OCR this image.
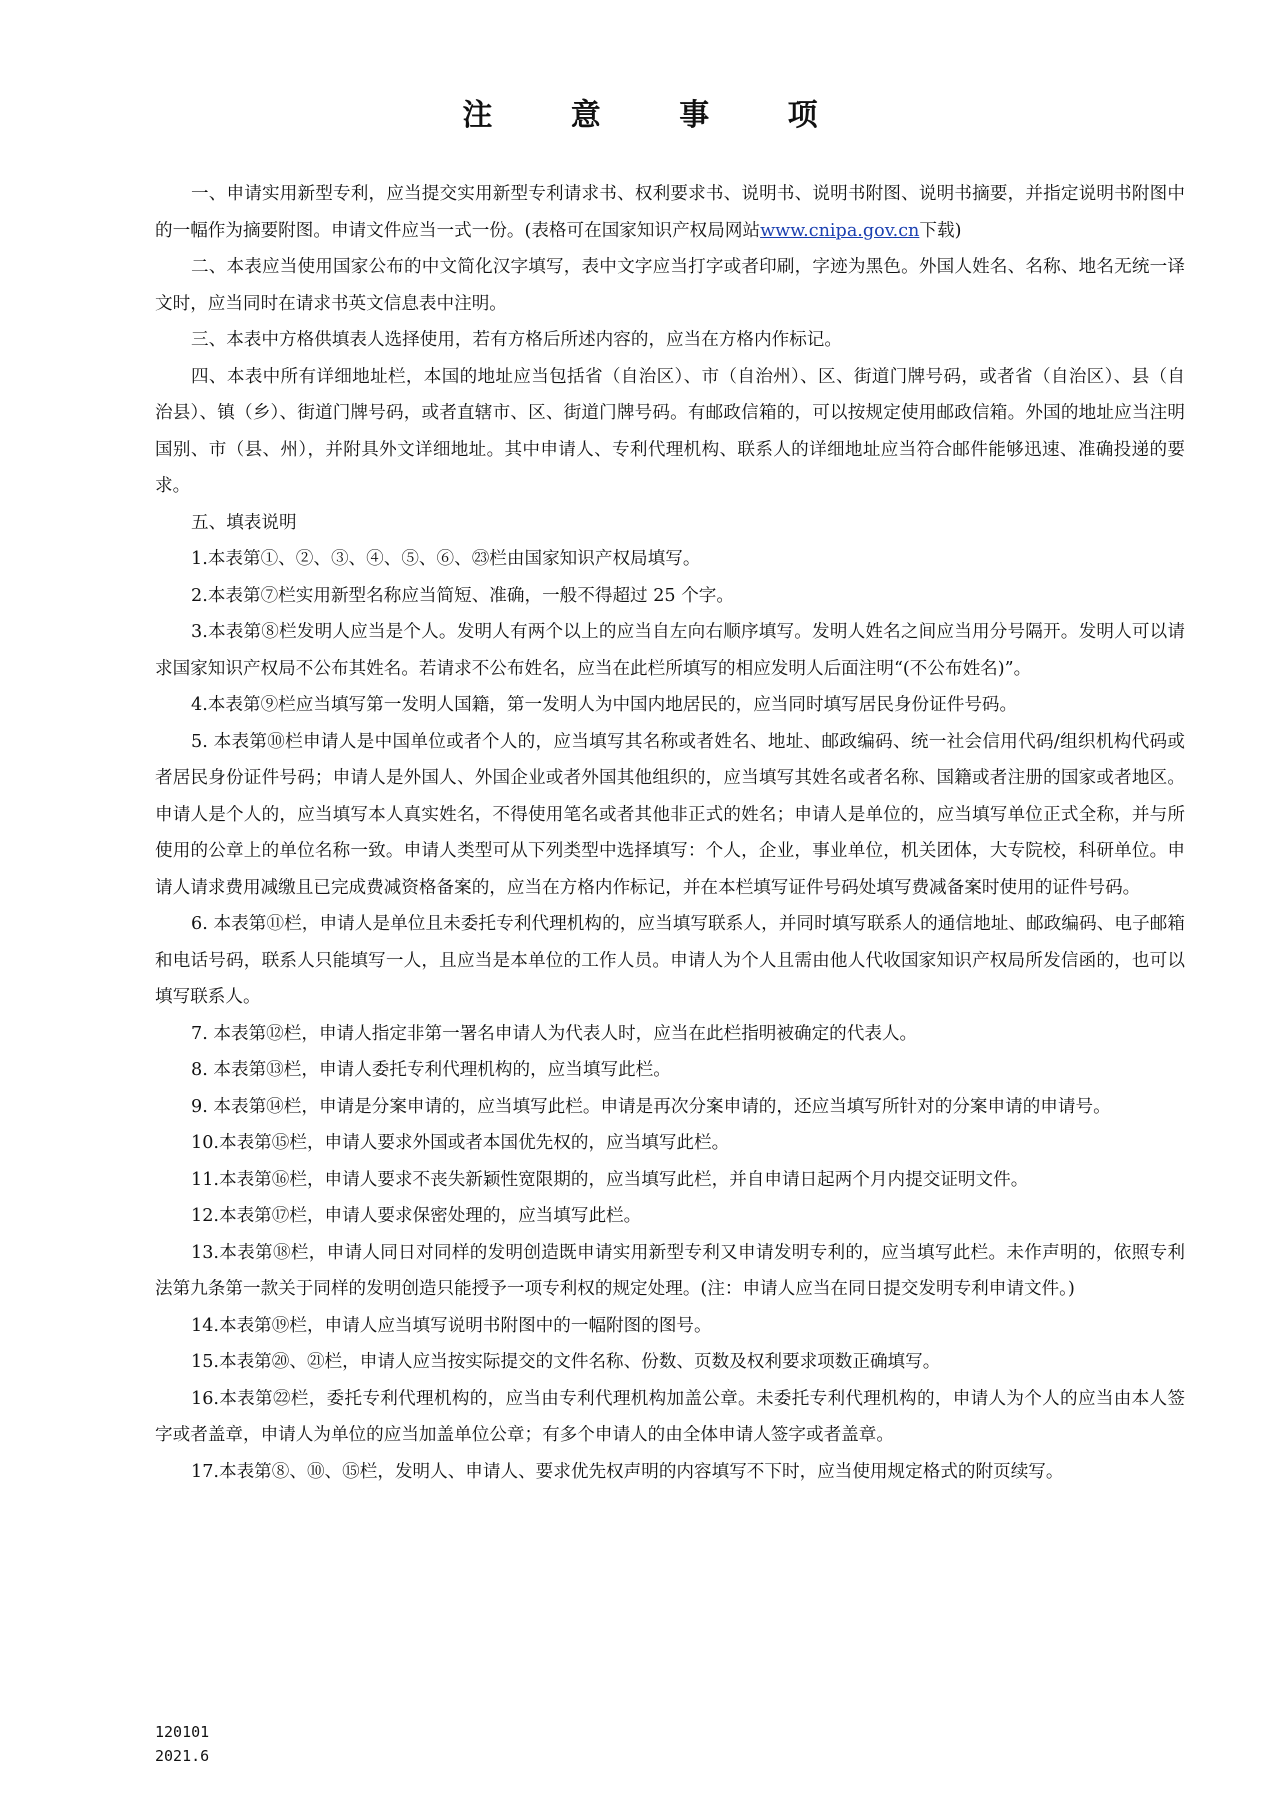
注 意 事 项

一、申请实用新型专利，应当提交实用新型专利请求书、权利要求书、说明书、说明书附图、说明书摘要，并指定说明书附图中的一幅作为摘要附图。申请文件应当一式一份。(表格可在国家知识产权局网站www.cnipa.gov.cn下载)

二、本表应当使用国家公布的中文简化汉字填写，表中文字应当打字或者印刷，字迹为黑色。外国人姓名、名称、地名无统一译文时，应当同时在请求书英文信息表中注明。

三、本表中方格供填表人选择使用，若有方格后所述内容的，应当在方格内作标记。

四、本表中所有详细地址栏，本国的地址应当包括省（自治区）、市（自治州）、区、街道门牌号码，或者省（自治区）、县（自治县）、镇（乡）、街道门牌号码，或者直辖市、区、街道门牌号码。有邮政信箱的，可以按规定使用邮政信箱。外国的地址应当注明国别、市（县、州），并附具外文详细地址。其中申请人、专利代理机构、联系人的详细地址应当符合邮件能够迅速、准确投递的要求。

五、填表说明

1.本表第①、②、③、④、⑤、⑥、㉓栏由国家知识产权局填写。

2.本表第⑦栏实用新型名称应当简短、准确，一般不得超过 25 个字。

3.本表第⑧栏发明人应当是个人。发明人有两个以上的应当自左向右顺序填写。发明人姓名之间应当用分号隔开。发明人可以请求国家知识产权局不公布其姓名。若请求不公布姓名，应当在此栏所填写的相应发明人后面注明“(不公布姓名)”。

4.本表第⑨栏应当填写第一发明人国籍，第一发明人为中国内地居民的，应当同时填写居民身份证件号码。

5. 本表第⑩栏申请人是中国单位或者个人的，应当填写其名称或者姓名、地址、邮政编码、统一社会信用代码/组织机构代码或者居民身份证件号码；申请人是外国人、外国企业或者外国其他组织的，应当填写其姓名或者名称、国籍或者注册的国家或者地区。申请人是个人的，应当填写本人真实姓名，不得使用笔名或者其他非正式的姓名；申请人是单位的，应当填写单位正式全称，并与所使用的公章上的单位名称一致。申请人类型可从下列类型中选择填写：个人，企业，事业单位，机关团体，大专院校，科研单位。申请人请求费用减缴且已完成费减资格备案的，应当在方格内作标记，并在本栏填写证件号码处填写费减备案时使用的证件号码。

6. 本表第⑪栏，申请人是单位且未委托专利代理机构的，应当填写联系人，并同时填写联系人的通信地址、邮政编码、电子邮箱和电话号码，联系人只能填写一人，且应当是本单位的工作人员。申请人为个人且需由他人代收国家知识产权局所发信函的，也可以填写联系人。

7. 本表第⑫栏，申请人指定非第一署名申请人为代表人时，应当在此栏指明被确定的代表人。

8. 本表第⑬栏，申请人委托专利代理机构的，应当填写此栏。

9. 本表第⑭栏，申请是分案申请的，应当填写此栏。申请是再次分案申请的，还应当填写所针对的分案申请的申请号。

10.本表第⑮栏，申请人要求外国或者本国优先权的，应当填写此栏。

11.本表第⑯栏，申请人要求不丧失新颖性宽限期的，应当填写此栏，并自申请日起两个月内提交证明文件。

12.本表第⑰栏，申请人要求保密处理的，应当填写此栏。

13.本表第⑱栏，申请人同日对同样的发明创造既申请实用新型专利又申请发明专利的，应当填写此栏。未作声明的，依照专利法第九条第一款关于同样的发明创造只能授予一项专利权的规定处理。(注：申请人应当在同日提交发明专利申请文件。)

14.本表第⑲栏，申请人应当填写说明书附图中的一幅附图的图号。

15.本表第⑳、㉑栏，申请人应当按实际提交的文件名称、份数、页数及权利要求项数正确填写。

16.本表第㉒栏，委托专利代理机构的，应当由专利代理机构加盖公章。未委托专利代理机构的，申请人为个人的应当由本人签字或者盖章，申请人为单位的应当加盖单位公章；有多个申请人的由全体申请人签字或者盖章。

17.本表第⑧、⑩、⑮栏，发明人、申请人、要求优先权声明的内容填写不下时，应当使用规定格式的附页续写。

120101
2021.6
